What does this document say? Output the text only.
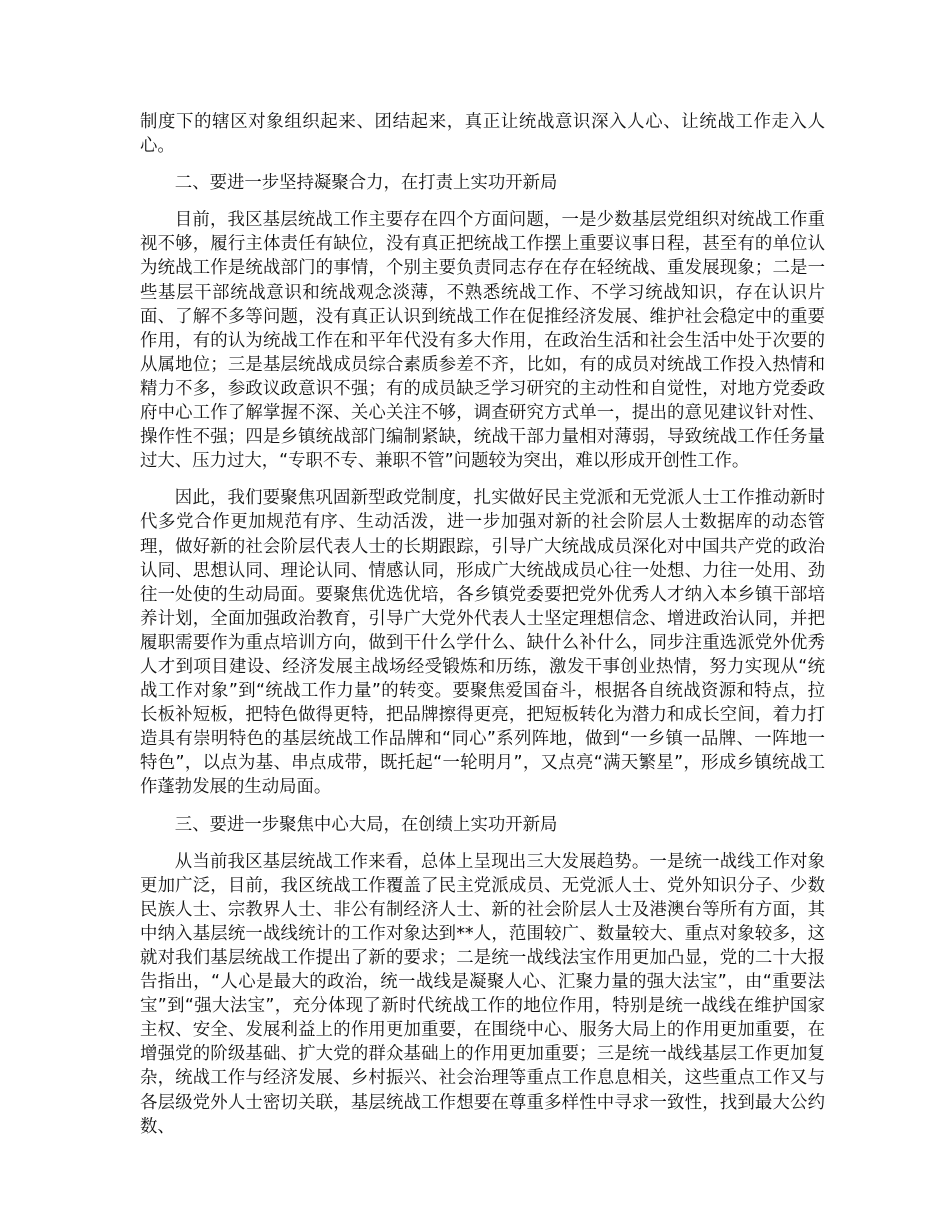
制度下的辖区对象组织起来、团结起来，真正让统战意识深入人心、让统战工作走入人心。

二、要进一步坚持凝聚合力，在打责上实功开新局

目前，我区基层统战工作主要存在四个方面问题，一是少数基层党组织对统战工作重视不够，履行主体责任有缺位，没有真正把统战工作摆上重要议事日程，甚至有的单位认为统战工作是统战部门的事情，个别主要负责同志存在存在轻统战、重发展现象；二是一些基层干部统战意识和统战观念淡薄，不熟悉统战工作、不学习统战知识，存在认识片面、了解不多等问题，没有真正认识到统战工作在促推经济发展、维护社会稳定中的重要作用，有的认为统战工作在和平年代没有多大作用，在政治生活和社会生活中处于次要的从属地位；三是基层统战成员综合素质参差不齐，比如，有的成员对统战工作投入热情和精力不多，参政议政意识不强；有的成员缺乏学习研究的主动性和自觉性，对地方党委政府中心工作了解掌握不深、关心关注不够，调查研究方式单一，提出的意见建议针对性、操作性不强；四是乡镇统战部门编制紧缺，统战干部力量相对薄弱，导致统战工作任务量过大、压力过大，“专职不专、兼职不管”问题较为突出，难以形成开创性工作。

因此，我们要聚焦巩固新型政党制度，扎实做好民主党派和无党派人士工作推动新时代多党合作更加规范有序、生动活泼，进一步加强对新的社会阶层人士数据库的动态管理，做好新的社会阶层代表人士的长期跟踪，引导广大统战成员深化对中国共产党的政治认同、思想认同、理论认同、情感认同，形成广大统战成员心往一处想、力往一处用、劲往一处使的生动局面。要聚焦优选优培，各乡镇党委要把党外优秀人才纳入本乡镇干部培养计划，全面加强政治教育，引导广大党外代表人士坚定理想信念、增进政治认同，并把履职需要作为重点培训方向，做到干什么学什么、缺什么补什么，同步注重选派党外优秀人才到项目建设、经济发展主战场经受锻炼和历练，激发干事创业热情，努力实现从“统战工作对象”到“统战工作力量”的转变。要聚焦爱国奋斗，根据各自统战资源和特点，拉长板补短板，把特色做得更特，把品牌擦得更亮，把短板转化为潜力和成长空间，着力打造具有崇明特色的基层统战工作品牌和“同心”系列阵地，做到“一乡镇一品牌、一阵地一特色”，以点为基、串点成带，既托起“一轮明月”，又点亮“满天繁星”，形成乡镇统战工作蓬勃发展的生动局面。

三、要进一步聚焦中心大局，在创绩上实功开新局

从当前我区基层统战工作来看，总体上呈现出三大发展趋势。一是统一战线工作对象更加广泛，目前，我区统战工作覆盖了民主党派成员、无党派人士、党外知识分子、少数民族人士、宗教界人士、非公有制经济人士、新的社会阶层人士及港澳台等所有方面，其中纳入基层统一战线统计的工作对象达到**人，范围较广、数量较大、重点对象较多，这就对我们基层统战工作提出了新的要求；二是统一战线法宝作用更加凸显，党的二十大报告指出，“人心是最大的政治，统一战线是凝聚人心、汇聚力量的强大法宝”，由“重要法宝”到“强大法宝”，充分体现了新时代统战工作的地位作用，特别是统一战线在维护国家主权、安全、发展利益上的作用更加重要，在围绕中心、服务大局上的作用更加重要，在增强党的阶级基础、扩大党的群众基础上的作用更加重要；三是统一战线基层工作更加复杂，统战工作与经济发展、乡村振兴、社会治理等重点工作息息相关，这些重点工作又与各层级党外人士密切关联，基层统战工作想要在尊重多样性中寻求一致性，找到最大公约数、
